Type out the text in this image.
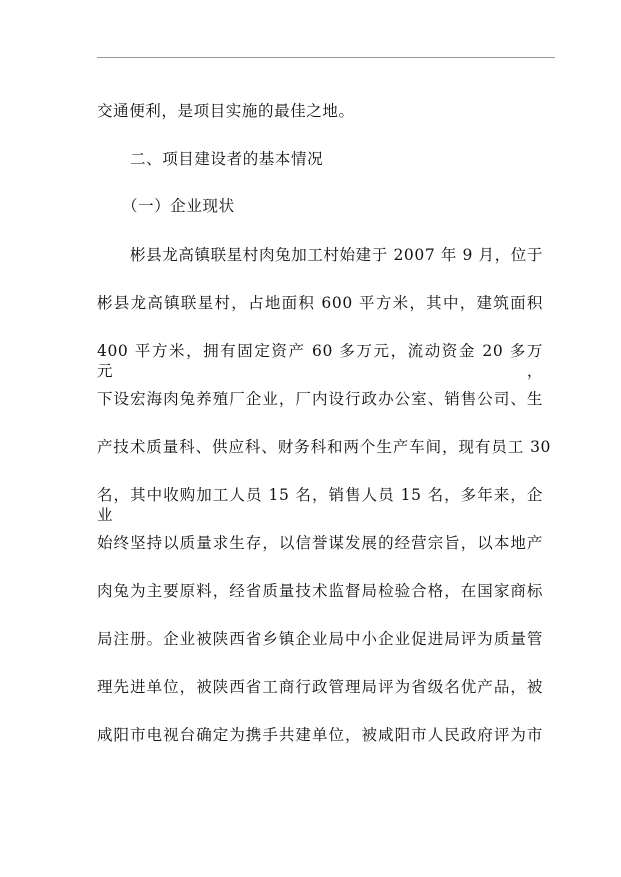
交通便利，是项目实施的最佳之地。
二、项目建设者的基本情况
（一）企业现状
彬县龙高镇联星村肉兔加工村始建于 2007 年 9 月，位于
彬县龙高镇联星村，占地面积 600 平方米，其中，建筑面积
400 平方米，拥有固定资产 60 多万元，流动资金 20 多万元，
下设宏海肉兔养殖厂企业，厂内设行政办公室、销售公司、生
产技术质量科、供应科、财务科和两个生产车间，现有员工 30
名，其中收购加工人员 15 名，销售人员 15 名，多年来，企业
始终坚持以质量求生存，以信誉谋发展的经营宗旨，以本地产
肉兔为主要原料，经省质量技术监督局检验合格，在国家商标
局注册。企业被陕西省乡镇企业局中小企业促进局评为质量管
理先进单位，被陕西省工商行政管理局评为省级名优产品，被
咸阳市电视台确定为携手共建单位，被咸阳市人民政府评为市
